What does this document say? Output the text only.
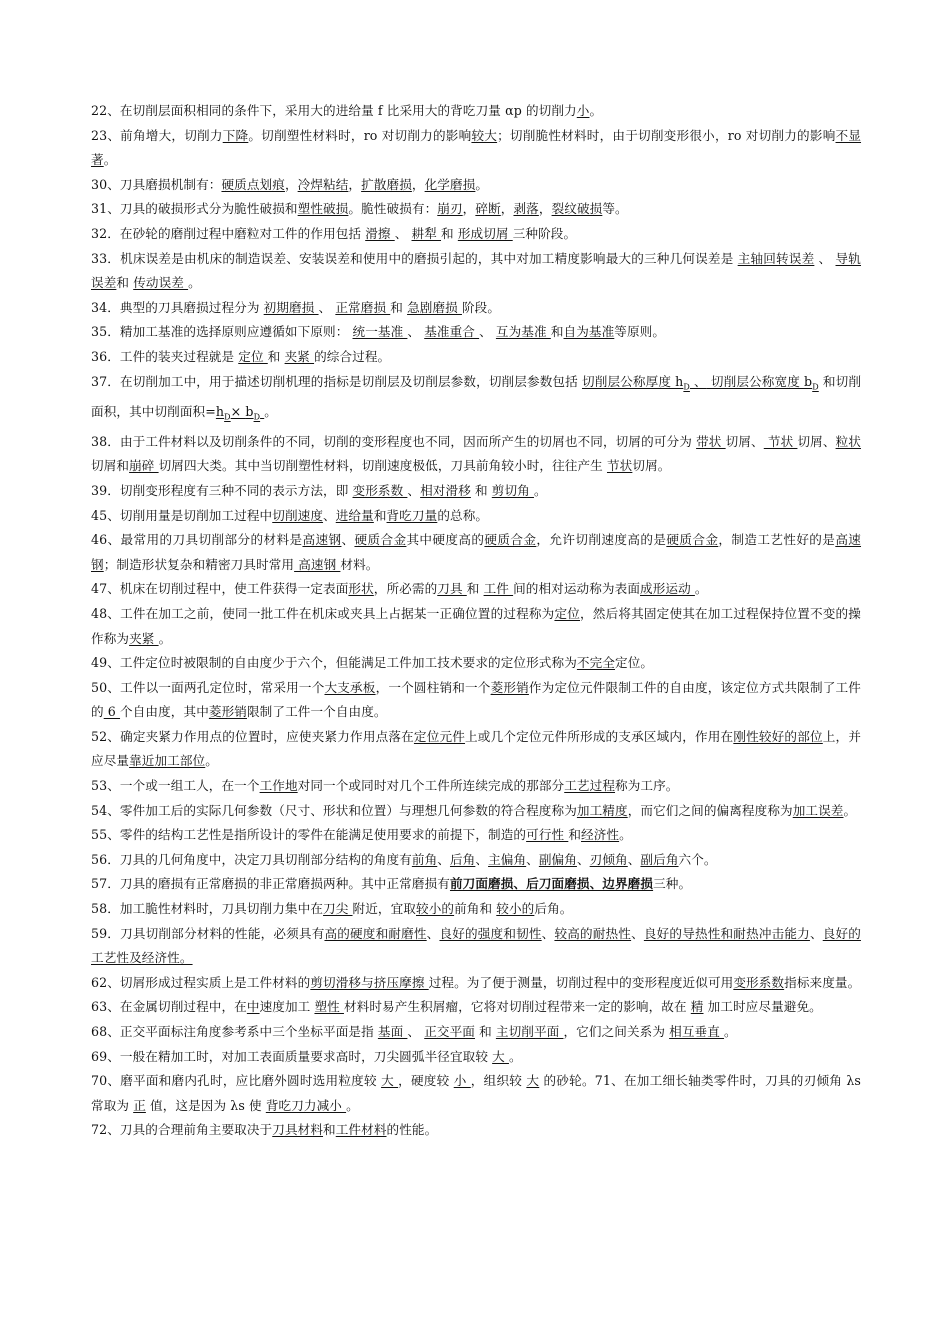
22、在切削层面积相同的条件下，采用大的进给量 f 比采用大的背吃刀量 αp 的切削力小。

23、前角增大，切削力下降。切削塑性材料时，ro 对切削力的影响较大；切削脆性材料时，由于切削变形很小，ro 对切削力的影响不显著。

30、刀具磨损机制有：硬质点划痕，冷焊粘结，扩散磨损，化学磨损。

31、刀具的破损形式分为脆性破损和塑性破损。脆性破损有：崩刃，碎断，剥落，裂纹破损等。

32．在砂轮的磨削过程中磨粒对工件的作用包括 滑擦 、 耕犁 和 形成切屑 三种阶段。

33．机床误差是由机床的制造误差、安装误差和使用中的磨损引起的，其中对加工精度影响最大的三种几何误差是 主轴回转误差 、 导轨误差和 传动误差 。

34．典型的刀具磨损过程分为 初期磨损 、 正常磨损 和 急剧磨损 阶段。

35．精加工基准的选择原则应遵循如下原则： 统一基准 、 基准重合 、 互为基准 和自为基准等原则。

36．工件的装夹过程就是 定位 和 夹紧 的综合过程。

37．在切削加工中，用于描述切削机理的指标是切削层及切削层参数，切削层参数包括 切削层公称厚度 $h_D$ 、 切削层公称宽度 $b_D$ 和切削面积，其中切削面积$=h_D\times b_D$ 。

38．由于工件材料以及切削条件的不同，切削的变形程度也不同，因而所产生的切屑也不同，切屑的可分为 带状 切屑、 节状 切屑、粒状 切屑和崩碎 切屑四大类。其中当切削塑性材料，切削速度极低，刀具前角较小时，往往产生 节状切屑。

39．切削变形程度有三种不同的表示方法，即 变形系数 、相对滑移 和 剪切角 。

45、切削用量是切削加工过程中切削速度、进给量和背吃刀量的总称。

46、最常用的刀具切削部分的材料是高速钢、硬质合金其中硬度高的硬质合金，允许切削速度高的是硬质合金，制造工艺性好的是高速钢；制造形状复杂和精密刀具时常用 高速钢 材料。

47、机床在切削过程中，使工件获得一定表面形状，所必需的刀具 和 工件 间的相对运动称为表面成形运动 。

48、工件在加工之前，使同一批工件在机床或夹具上占据某一正确位置的过程称为定位，然后将其固定使其在加工过程保持位置不变的操作称为夹紧 。

49、工件定位时被限制的自由度少于六个，但能满足工件加工技术要求的定位形式称为不完全定位。

50、工件以一面两孔定位时，常采用一个大支承板，一个圆柱销和一个菱形销作为定位元件限制工件的自由度，该定位方式共限制了工件的 6 个自由度，其中菱形销限制了工件一个自由度。

52、确定夹紧力作用点的位置时，应使夹紧力作用点落在定位元件上或几个定位元件所形成的支承区域内，作用在刚性较好的部位上，并应尽量靠近加工部位。

53、一个或一组工人，在一个工作地对同一个或同时对几个工件所连续完成的那部分工艺过程称为工序。

54、零件加工后的实际几何参数（尺寸、形状和位置）与理想几何参数的符合程度称为加工精度，而它们之间的偏离程度称为加工误差。

55、零件的结构工艺性是指所设计的零件在能满足使用要求的前提下，制造的可行性 和经济性。

56．刀具的几何角度中，决定刀具切削部分结构的角度有前角、后角、主偏角、副偏角、刃倾角、副后角六个。

57．刀具的磨损有正常磨损的非正常磨损两种。其中正常磨损有前刀面磨损、后刀面磨损、边界磨损三种。

58．加工脆性材料时，刀具切削力集中在刀尖 附近，宜取较小的前角和 较小的后角。

59．刀具切削部分材料的性能，必须具有高的硬度和耐磨性、良好的强度和韧性、较高的耐热性、良好的导热性和耐热冲击能力、良好的工艺性及经济性。

62、切屑形成过程实质上是工件材料的剪切滑移与挤压摩擦 过程。为了便于测量，切削过程中的变形程度近似可用变形系数指标来度量。

63、在金属切削过程中，在中速度加工 塑性 材料时易产生积屑瘤，它将对切削过程带来一定的影响，故在 精 加工时应尽量避免。

68、正交平面标注角度参考系中三个坐标平面是指 基面 、 正交平面 和 主切削平面 ，它们之间关系为 相互垂直 。

69、一般在精加工时，对加工表面质量要求高时，刀尖圆弧半径宜取较 大 。

70、磨平面和磨内孔时，应比磨外圆时选用粒度较 大 ，硬度较 小 ，组织较 大 的砂轮。71、在加工细长轴类零件时，刀具的刃倾角 λs 常取为 正 值，这是因为 λs 使 背吃刀力减小 。

72、刀具的合理前角主要取决于刀具材料和工件材料的性能。
